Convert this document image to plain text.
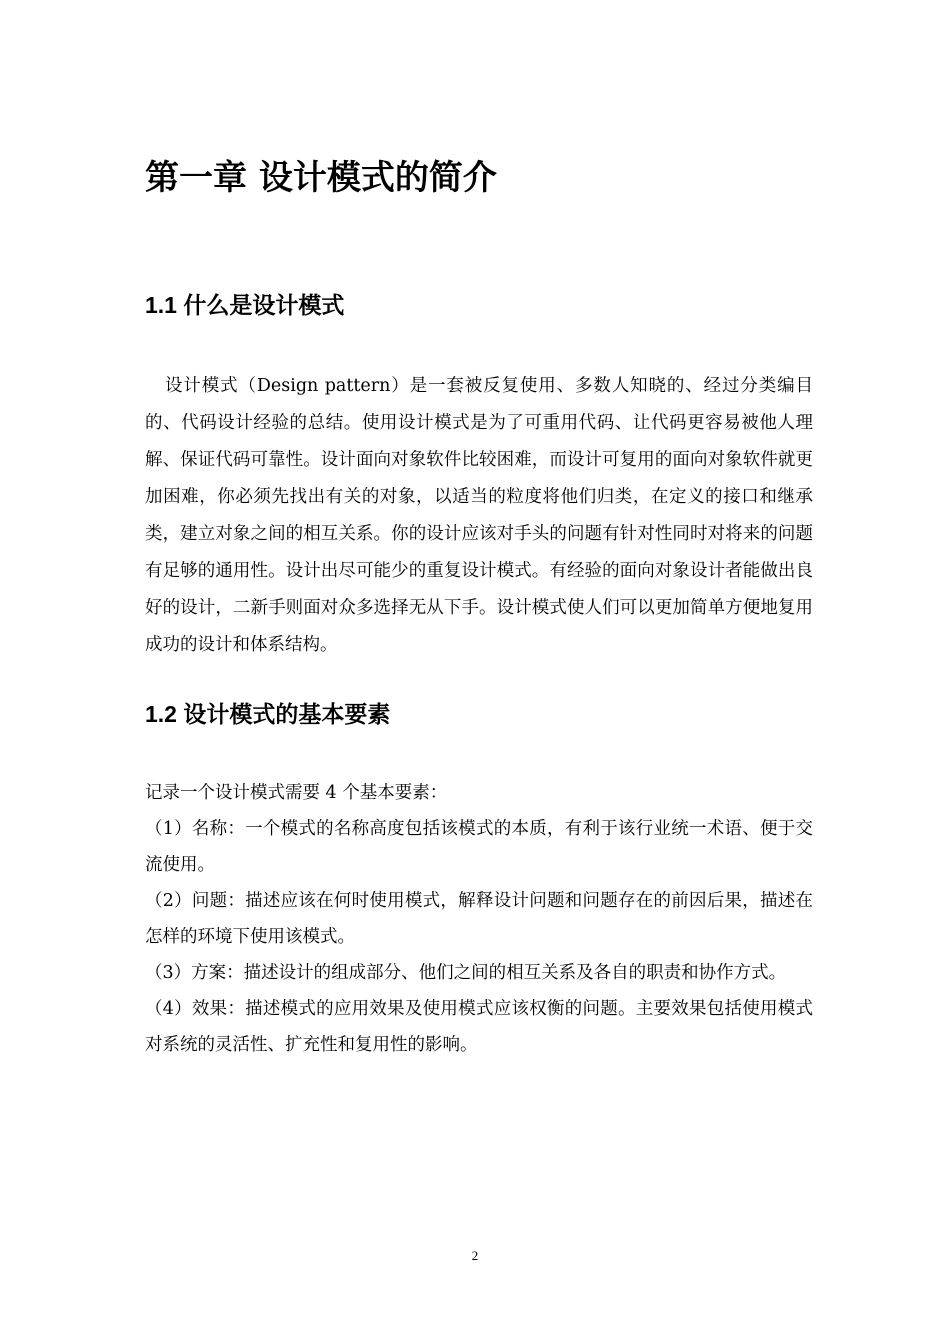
第一章 设计模式的简介
1.1 什么是设计模式

设计模式（Design pattern）是一套被反复使用、多数人知晓的、经过分类编目的、代码设计经验的总结。使用设计模式是为了可重用代码、让代码更容易被他人理解、保证代码可靠性。设计面向对象软件比较困难，而设计可复用的面向对象软件就更加困难，你必须先找出有关的对象，以适当的粒度将他们归类，在定义的接口和继承类，建立对象之间的相互关系。你的设计应该对手头的问题有针对性同时对将来的问题有足够的通用性。设计出尽可能少的重复设计模式。有经验的面向对象设计者能做出良好的设计，二新手则面对众多选择无从下手。设计模式使人们可以更加简单方便地复用成功的设计和体系结构。

1.2 设计模式的基本要素

记录一个设计模式需要 4 个基本要素：

（1）名称：一个模式的名称高度包括该模式的本质，有利于该行业统一术语、便于交流使用。

（2）问题：描述应该在何时使用模式，解释设计问题和问题存在的前因后果，描述在怎样的环境下使用该模式。

（3）方案：描述设计的组成部分、他们之间的相互关系及各自的职责和协作方式。

（4）效果：描述模式的应用效果及使用模式应该权衡的问题。主要效果包括使用模式对系统的灵活性、扩充性和复用性的影响。

2
